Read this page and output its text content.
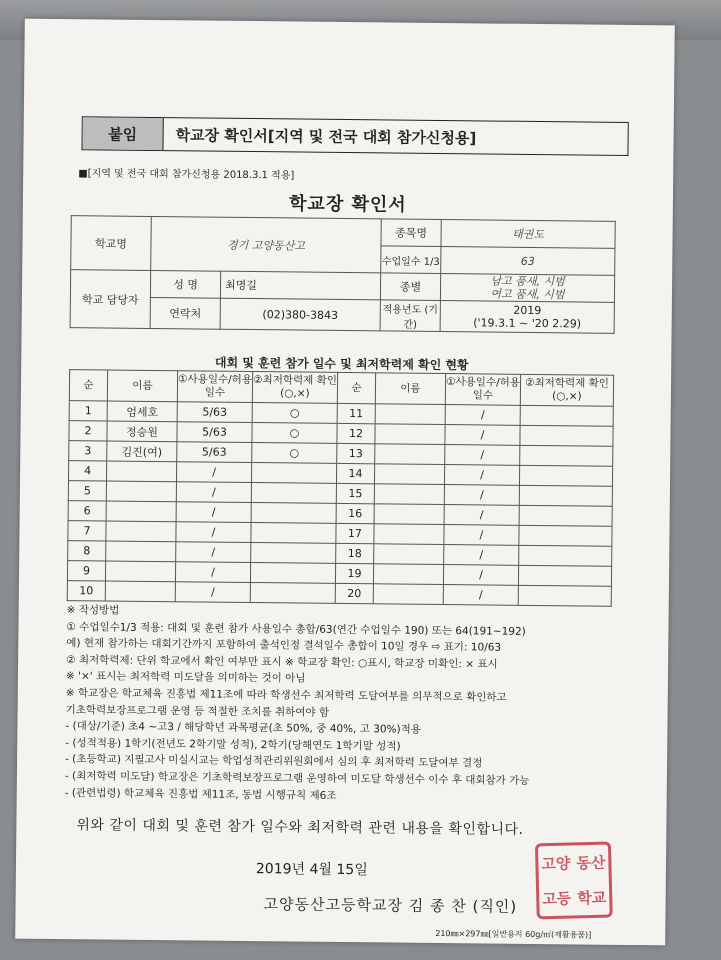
붙임	학교장 확인서[지역 및 전국 대회 참가신청용]
■[지역 및 전국 대회 참가신청용 2018.3.1 적용]
학교장 확인서
학교명	경기 고양동산고		종목명	태권도
			수업일수 1/3	63
학교 담당자	성 명	최명길	종별	남고 품새, 시범
여고 품새, 시범

	연락처	(02)380-3843	적용년도 (기간)	2019
('19.3.1 ~ '20 2.29)
대회 및 훈련 참가 일수 및 최저학력제 확인 현황
순	이름	①사용일수/허용일수	②최저학력제 확인(○,×)	순	이름	①사용일수/허용일수	②최저학력제 확인(○,×)
1	엄세호	5/63	○	11		/	
2	정승원	5/63	○	12		/	
3	김진(여)	5/63	○	13		/	
4		/		14		/	
5		/		15		/	
6		/		16		/	
7		/		17		/	
8		/		18		/	
9		/		19		/	
10		/		20		/	
※ 작성방법
① 수업일수1/3 적용: 대회 및 훈련 참가 사용일수 총합/63(연간 수업일수 190) 또는 64(191~192)
예) 현재 참가하는 대회기간까지 포함하여 출석인정 결석일수 총합이 10일 경우 ⇨ 표기: 10/63
② 최저학력제: 단위 학교에서 확인 여부만 표시 ※ 학교장 확인: ○표시, 학교장 미확인: × 표시
※ '×' 표시는 최저학력 미도달을 의미하는 것이 아님
※ 학교장은 학교체육 진흥법 제11조에 따라 학생선수 최저학력 도달여부를 의무적으로 확인하고
기초학력보장프로그램 운영 등 적절한 조치를 취하여야 함
- (대상/기준) 초4 ~고3 / 해당학년 과목평균(초 50%, 중 40%, 고 30%)적용
- (성적적용) 1학기(전년도 2학기말 성적), 2학기(당해연도 1학기말 성적)
- (초등학교) 지필고사 미실시교는 학업성적관리위원회에서 심의 후 최저학력 도달여부 결정
- (최저학력 미도달) 학교장은 기초학력보장프로그램 운영하여 미도달 학생선수 이수 후 대회참가 가능
- (관련법령) 학교체육 진흥법 제11조, 동법 시행규칙 제6조
위와 같이 대회 및 훈련 참가 일수와 최저학력 관련 내용을 확인합니다.
2019년 4월 15일
고양동산고등학교장 김 종 찬 (직인)
고양 동산
고등 학교
210㎜×297㎜[일반용지 60g/㎡(재활용품)]
